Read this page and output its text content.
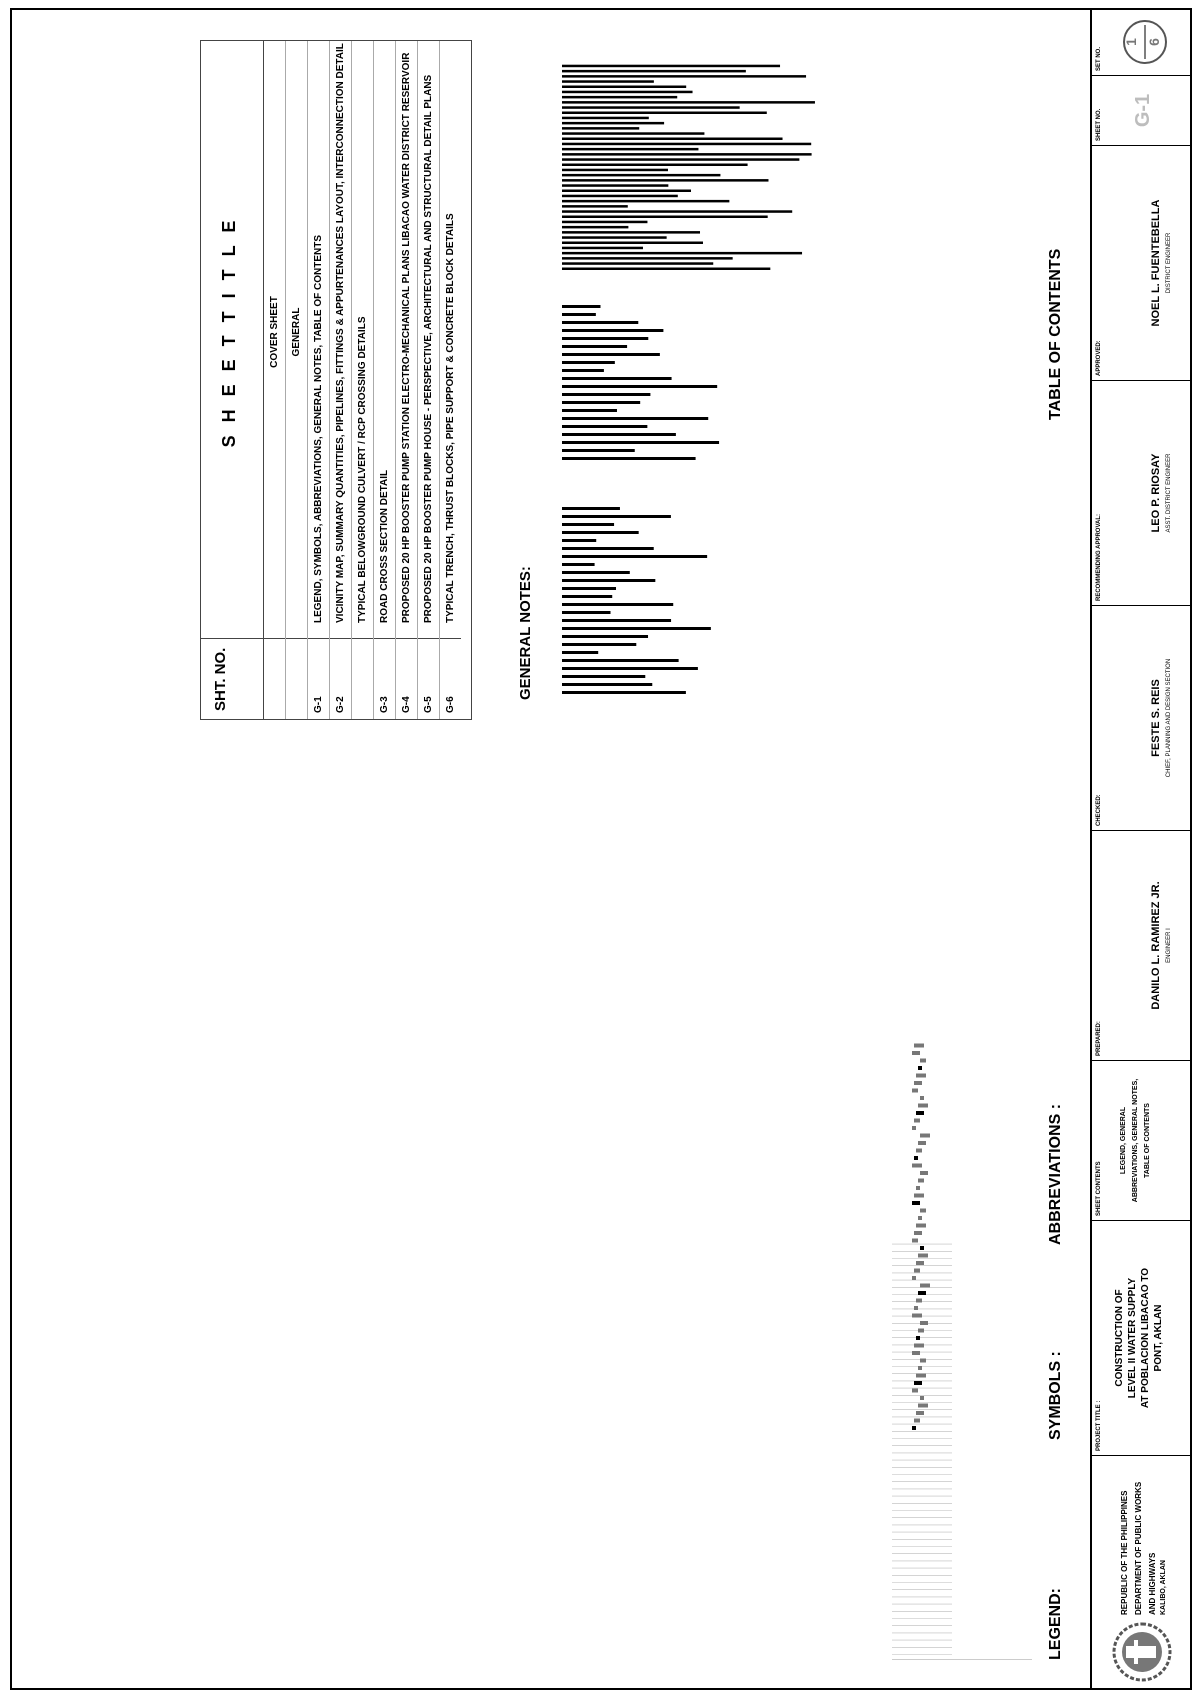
LEGEND:
SYMBOLS :
ABBREVIATIONS :
TABLE OF CONTENTS
GENERAL NOTES:
SHT. NO.
S H E E T T I T L E	COVER SHEET GENERAL
G-1
LEGEND, SYMBOLS, ABBREVIATIONS, GENERAL NOTES, TABLE OF CONTENTS
G-2
VICINITY MAP, SUMMARY QUANTITIES, PIPELINES, FITTINGS & APPURTENANCES LAYOUT, INTERCONNECTION DETAIL TYPICAL BELOWGROUND CULVERT / RCP CROSSING DETAILS
G-3
ROAD CROSS SECTION DETAIL
G-4
PROPOSED 20 HP BOOSTER PUMP STATION ELECTRO-MECHANICAL PLANS LIBACAO WATER DISTRICT RESERVOIR
G-5
PROPOSED 20 HP BOOSTER PUMP HOUSE - PERSPECTIVE, ARCHITECTURAL AND STRUCTURAL DETAIL PLANS
G-6
TYPICAL TRENCH, THRUST BLOCKS, PIPE SUPPORT & CONCRETE BLOCK DETAILS
REPUBLIC OF THE PHILIPPINES DEPARTMENT OF PUBLIC WORKS AND HIGHWAYS KALIBO, AKLAN
PROJECT TITLE :
CONSTRUCTION OF LEVEL II WATER SUPPLY AT POBLACION LIBACAO TO PONT, AKLAN
SHEET CONTENTS
LEGEND, GENERAL ABBREVIATIONS, GENERAL NOTES, TABLE OF CONTENTS
PREPARED:
DANILO L. RAMIREZ JR. ENGINEER I
CHECKED:
FESTE S. REIS CHIEF, PLANNING AND DESIGN SECTION
RECOMMENDING APPROVAL:
LEO P. RIOSAY ASST. DISTRICT ENGINEER
APPROVED:
NOEL L. FUENTEBELLA DISTRICT ENGINEER
SHEET NO. G-1
SET NO.
1 6
